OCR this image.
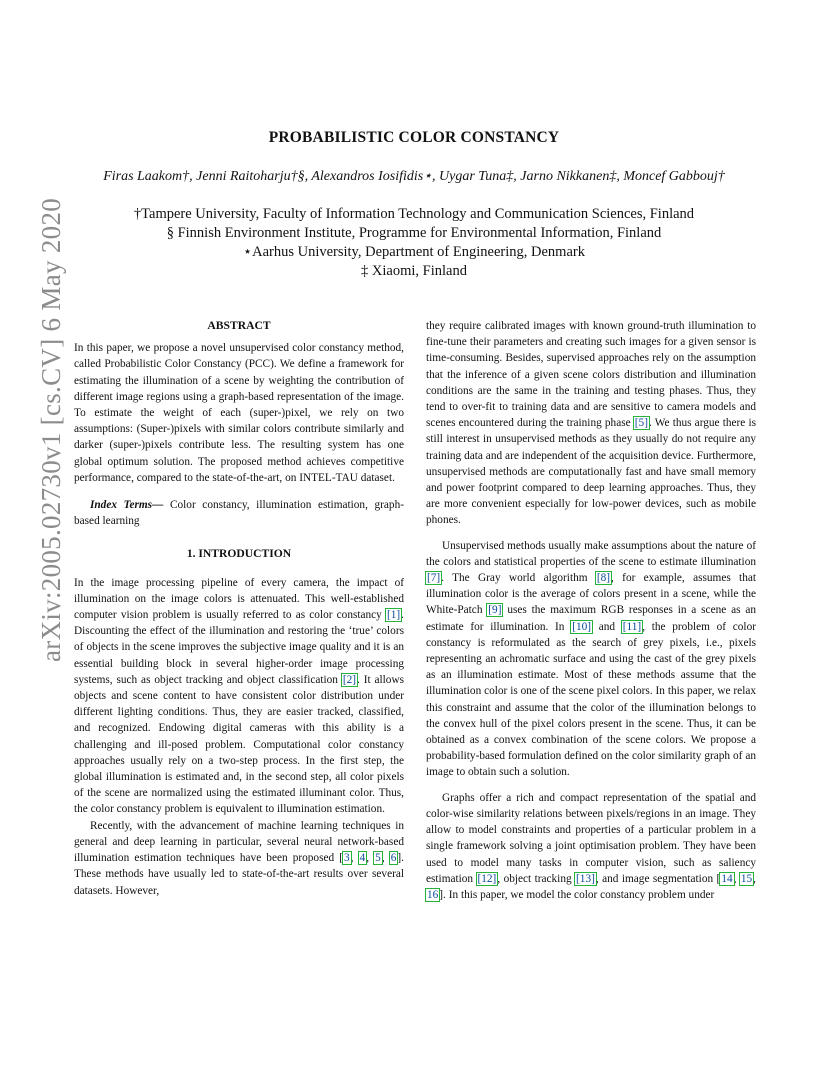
arXiv:2005.02730v1 [cs.CV] 6 May 2020
PROBABILISTIC COLOR CONSTANCY
Firas Laakom†, Jenni Raitoharju†§, Alexandros Iosifidis⋆, Uygar Tuna‡, Jarno Nikkanen‡, Moncef Gabbouj†
†Tampere University, Faculty of Information Technology and Communication Sciences, Finland
§ Finnish Environment Institute, Programme for Environmental Information, Finland
⋆Aarhus University, Department of Engineering, Denmark
‡ Xiaomi, Finland
ABSTRACT

In this paper, we propose a novel unsupervised color constancy method, called Probabilistic Color Constancy (PCC). We define a framework for estimating the illumination of a scene by weighting the contribution of different image regions using a graph-based representation of the image. To estimate the weight of each (super-)pixel, we rely on two assumptions: (Super-)pixels with similar colors contribute similarly and darker (super-)pixels contribute less. The resulting system has one global optimum solution. The proposed method achieves competitive performance, compared to the state-of-the-art, on INTEL-TAU dataset.

Index Terms— Color constancy, illumination estimation, graph-based learning

1. INTRODUCTION

In the image processing pipeline of every camera, the impact of illumination on the image colors is attenuated. This well-established computer vision problem is usually referred to as color constancy [1]. Discounting the effect of the illumination and restoring the ‘true’ colors of objects in the scene improves the subjective image quality and it is an essential building block in several higher-order image processing systems, such as object tracking and object classification [2]. It allows objects and scene content to have consistent color distribution under different lighting conditions. Thus, they are easier tracked, classified, and recognized. Endowing digital cameras with this ability is a challenging and ill-posed problem. Computational color constancy approaches usually rely on a two-step process. In the first step, the global illumination is estimated and, in the second step, all color pixels of the scene are normalized using the estimated illuminant color. Thus, the color constancy problem is equivalent to illumination estimation.

Recently, with the advancement of machine learning techniques in general and deep learning in particular, several neural network-based illumination estimation techniques have been proposed [3, 4, 5, 6]. These methods have usually led to state-of-the-art results over several datasets. However,

they require calibrated images with known ground-truth illumination to fine-tune their parameters and creating such images for a given sensor is time-consuming. Besides, supervised approaches rely on the assumption that the inference of a given scene colors distribution and illumination conditions are the same in the training and testing phases. Thus, they tend to over-fit to training data and are sensitive to camera models and scenes encountered during the training phase [5]. We thus argue there is still interest in unsupervised methods as they usually do not require any training data and are independent of the acquisition device. Furthermore, unsupervised methods are computationally fast and have small memory and power footprint compared to deep learning approaches. Thus, they are more convenient especially for low-power devices, such as mobile phones.

Unsupervised methods usually make assumptions about the nature of the colors and statistical properties of the scene to estimate illumination [7]. The Gray world algorithm [8], for example, assumes that illumination color is the average of colors present in a scene, while the White-Patch [9] uses the maximum RGB responses in a scene as an estimate for illumination. In [10] and [11], the problem of color constancy is reformulated as the search of grey pixels, i.e., pixels representing an achromatic surface and using the cast of the grey pixels as an illumination estimate. Most of these methods assume that the illumination color is one of the scene pixel colors. In this paper, we relax this constraint and assume that the color of the illumination belongs to the convex hull of the pixel colors present in the scene. Thus, it can be obtained as a convex combination of the scene colors. We propose a probability-based formulation defined on the color similarity graph of an image to obtain such a solution.

Graphs offer a rich and compact representation of the spatial and color-wise similarity relations between pixels/regions in an image. They allow to model constraints and properties of a particular problem in a single framework solving a joint optimisation problem. They have been used to model many tasks in computer vision, such as saliency estimation [12], object tracking [13], and image segmentation [14, 15, 16]. In this paper, we model the color constancy problem under
